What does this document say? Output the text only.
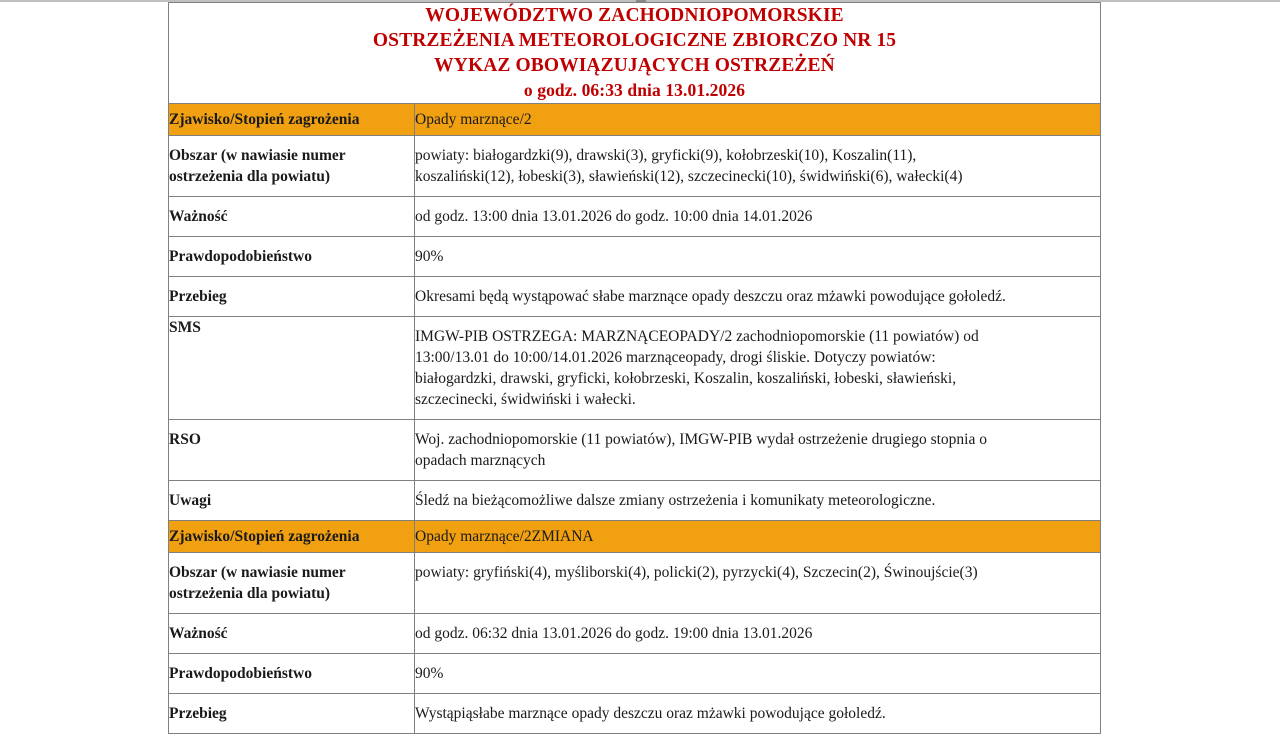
WOJEWÓDZTWO ZACHODNIOPOMORSKIE
OSTRZEŻENIA METEOROLOGICZNE ZBIORCZO NR 15
WYKAZ OBOWIĄZUJĄCYCH OSTRZEŻEŃ
o godz. 06:33 dnia 13.01.2026	

Zjawisko/Stopień zagrożenia	Opady marznące/2

Obszar (w nawiasie numer
ostrzeżenia dla powiatu)	powiaty: białogardzki(9), drawski(3), gryficki(9), kołobrzeski(10), Koszalin(11),
koszaliński(12), łobeski(3), sławieński(12), szczecinecki(10), świdwiński(6), wałecki(4)

Ważność	od godz. 13:00 dnia 13.01.2026 do godz. 10:00 dnia 14.01.2026
Prawdopodobieństwo	90%
Przebieg	Okresami będą wystąpować słabe marznące opady deszczu oraz mżawki powodujące gołoledź.

SMS	IMGW-PIB OSTRZEGA: MARZNĄCEOPADY/2 zachodniopomorskie (11 powiatów) od
13:00/13.01 do 10:00/14.01.2026 marznąceopady, drogi śliskie. Dotyczy powiatów:
białogardzki, drawski, gryficki, kołobrzeski, Koszalin, koszaliński, łobeski, sławieński,
szczecinecki, świdwiński i wałecki.

RSO	Woj. zachodniopomorskie (11 powiatów), IMGW-PIB wydał ostrzeżenie drugiego stopnia o
opadach marznących

Uwagi	Śledź na bieżącomożliwe dalsze zmiany ostrzeżenia i komunikaty meteorologiczne.

Zjawisko/Stopień zagrożenia	Opady marznące/2ZMIANA

Obszar (w nawiasie numer
ostrzeżenia dla powiatu)	powiaty: gryfiński(4), myśliborski(4), policki(2), pyrzycki(4), Szczecin(2), Świnoujście(3)

Ważność	od godz. 06:32 dnia 13.01.2026 do godz. 19:00 dnia 13.01.2026
Prawdopodobieństwo	90%
Przebieg	Wystąpiąsłabe marznące opady deszczu oraz mżawki powodujące gołoledź.
